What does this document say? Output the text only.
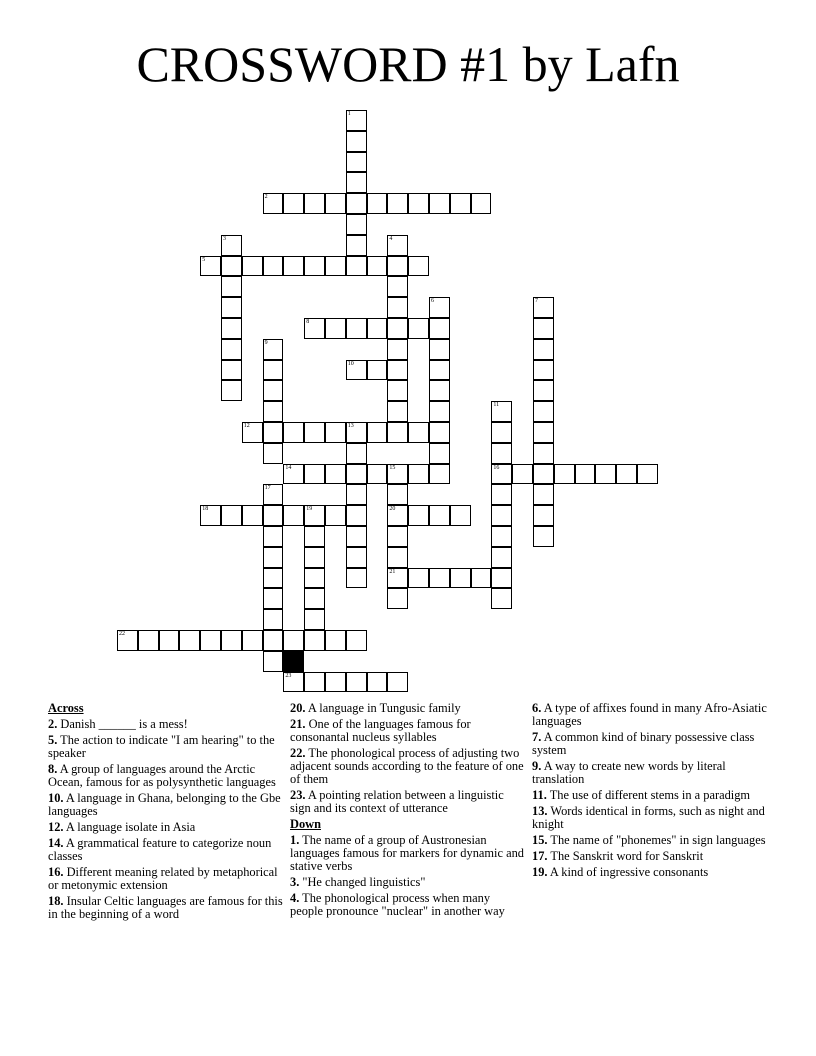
CROSSWORD #1 by Lafn
1
2
3	4
5
6	7
8
9
10
11
16
12	13
14	15
20
21
17
18	19
22
23
Across
2. Danish ______ is a mess!
5. The action to indicate "I am hearing" to the speaker
8. A group of languages around the Arctic Ocean, famous for as polysynthetic languages
10. A language in Ghana, belonging to the Gbe languages
12. A language isolate in Asia
14. A grammatical feature to categorize noun classes
16. Different meaning related by metaphorical or metonymic extension
18. Insular Celtic languages are famous for this in the beginning of a word
20. A language in Tungusic family
21. One of the languages famous for consonantal nucleus syllables
22. The phonological process of adjusting two adjacent sounds according to the feature of one of them
23. A pointing relation between a linguistic sign and its context of utterance
Down
1. The name of a group of Austronesian languages famous for markers for dynamic and stative verbs
3. "He changed linguistics"
4. The phonological process when many people pronounce "nuclear" in another way
6. A type of affixes found in many Afro-Asiatic languages
7. A common kind of binary possessive class system
9. A way to create new words by literal translation
11. The use of different stems in a paradigm
13. Words identical in forms, such as night and knight
15. The name of "phonemes" in sign languages
17. The Sanskrit word for Sanskrit
19. A kind of ingressive consonants
